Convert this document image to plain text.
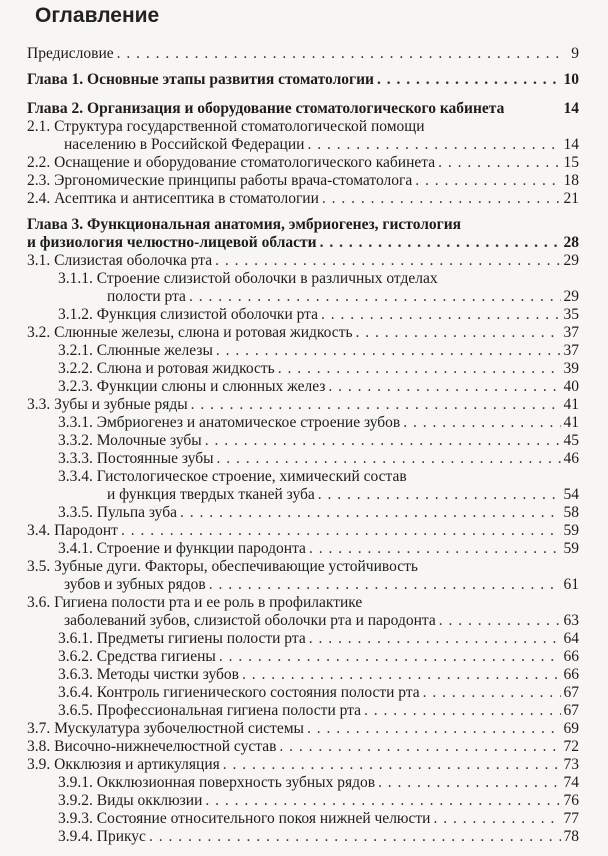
Оглавление
Предисловие . . .	9
Глава 1. Основные этапы развития стоматологии . . .	10
Глава 2. Организация и оборудование стоматологического кабинета	14
2.1. Структура государственной стоматологической помощи
населению в Российской Федерации . . .	14
2.2. Оснащение и оборудование стоматологического кабинета . . .	15
2.3. Эргономические принципы работы врача-стоматолога . . .	18
2.4. Асептика и антисептика в стоматологии . . .	21
Глава 3. Функциональная анатомия, эмбриогенез, гистология
и физиология челюстно-лицевой области . . .	28
3.1. Слизистая оболочка рта . . .	29
3.1.1. Строение слизистой оболочки в различных отделах
полости рта . . .	29
3.1.2. Функция слизистой оболочки рта . . .	35
3.2. Слюнные железы, слюна и ротовая жидкость . . .	37
3.2.1. Слюнные железы . . .	37
3.2.2. Слюна и ротовая жидкость . . .	39
3.2.3. Функции слюны и слюнных желез . . .	40
3.3. Зубы и зубные ряды . . .	41
3.3.1. Эмбриогенез и анатомическое строение зубов . . .	41
3.3.2. Молочные зубы . . .	45
3.3.3. Постоянные зубы . . .	46
3.3.4. Гистологическое строение, химический состав
и функция твердых тканей зуба . . .	54
3.3.5. Пульпа зуба . . .	58
3.4. Пародонт . . .	59
3.4.1. Строение и функции пародонта . . .	59
3.5. Зубные дуги. Факторы, обеспечивающие устойчивость
зубов и зубных рядов . . .	61
3.6. Гигиена полости рта и ее роль в профилактике
заболеваний зубов, слизистой оболочки рта и пародонта . . .	63
3.6.1. Предметы гигиены полости рта . . .	64
3.6.2. Средства гигиены . . .	66
3.6.3. Методы чистки зубов . . .	66
3.6.4. Контроль гигиенического состояния полости рта . . .	67
3.6.5. Профессиональная гигиена полости рта . . .	67
3.7. Мускулатура зубочелюстной системы . . .	69
3.8. Височно-нижнечелюстной сустав . . .	72
3.9. Окклюзия и артикуляция . . .	73
3.9.1. Окклюзионная поверхность зубных рядов . . .	74
3.9.2. Виды окклюзии . . .	76
3.9.3. Состояние относительного покоя нижней челюсти . . .	77
3.9.4. Прикус . . .	78
